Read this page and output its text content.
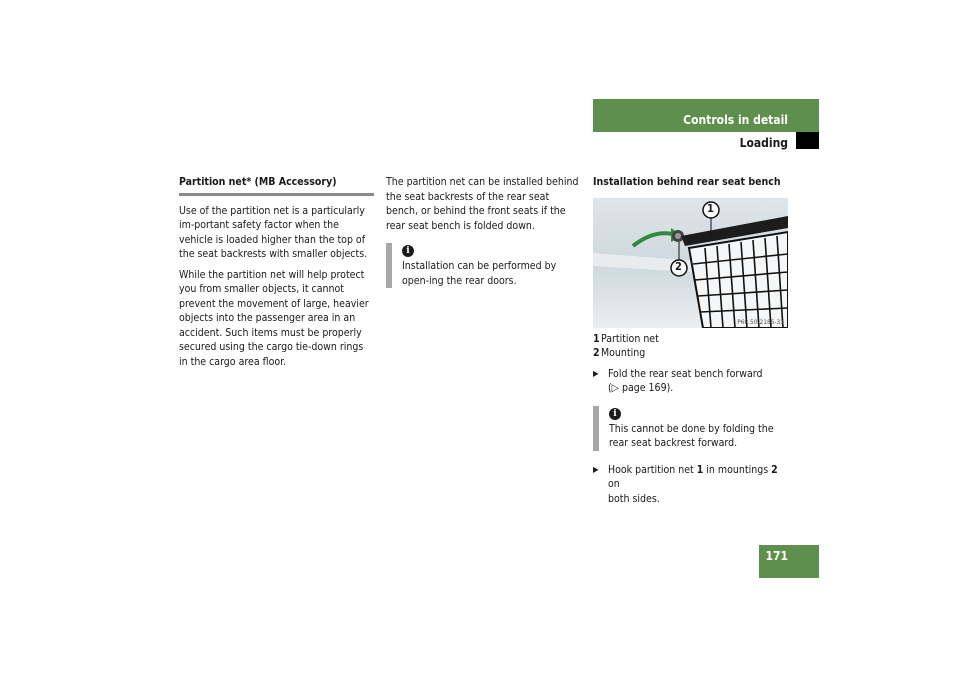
Controls in detail
Loading
Partition net* (MB Accessory)

Use of the partition net is a particularly im-portant safety factor when the vehicle is loaded higher than the top of the seat backrests with smaller objects.

While the partition net will help protect you from smaller objects, it cannot prevent the movement of large, heavier objects into the passenger area in an accident. Such items must be properly secured using the cargo tie-down rings in the cargo area floor.

The partition net can be installed behind the seat backrests of the rear seat bench, or behind the front seats if the rear seat bench is folded down.

i
Installation can be performed by open-ing the rear doors.
Installation behind rear seat bench
1
2
P68.50-2185-31
1 Partition net
2 Mounting
▶ Fold the rear seat bench forward
(▷ page 169).
i
This cannot be done by folding the rear seat backrest forward.
▶ Hook partition net 1 in mountings 2 on
both sides.
171
